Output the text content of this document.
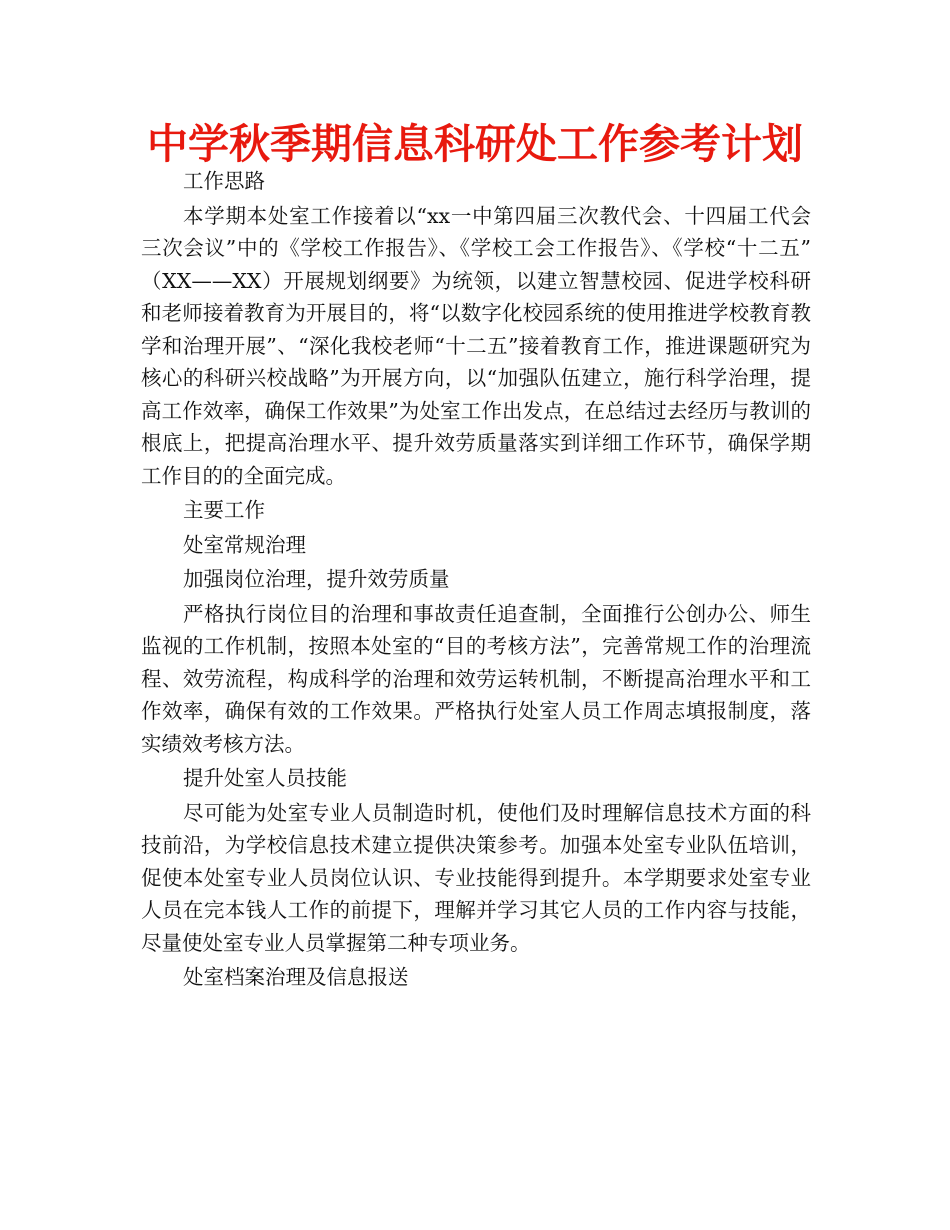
中学秋季期信息科研处工作参考计划

工作思路

本学期本处室工作接着以“xx一中第四届三次教代会、十四届工代会三次会议”中的《学校工作报告》、《学校工会工作报告》、《学校“十二五” （XX——XX）开展规划纲要》为统领，以建立智慧校园、促进学校科研和老师接着教育为开展目的，将“以数字化校园系统的使用推进学校教育教学和治理开展”、“深化我校老师“十二五”接着教育工作，推进课题研究为核心的科研兴校战略”为开展方向，以“加强队伍建立，施行科学治理，提高工作效率，确保工作效果”为处室工作出发点，在总结过去经历与教训的根底上，把提高治理水平、提升效劳质量落实到详细工作环节，确保学期工作目的的全面完成。

主要工作

处室常规治理

加强岗位治理，提升效劳质量

严格执行岗位目的治理和事故责任追查制，全面推行公创办公、师生监视的工作机制，按照本处室的“目的考核方法”，完善常规工作的治理流程、效劳流程，构成科学的治理和效劳运转机制，不断提高治理水平和工作效率，确保有效的工作效果。严格执行处室人员工作周志填报制度，落实绩效考核方法。

提升处室人员技能

尽可能为处室专业人员制造时机，使他们及时理解信息技术方面的科技前沿，为学校信息技术建立提供决策参考。加强本处室专业队伍培训，促使本处室专业人员岗位认识、专业技能得到提升。本学期要求处室专业人员在完本钱人工作的前提下，理解并学习其它人员的工作内容与技能，尽量使处室专业人员掌握第二种专项业务。

处室档案治理及信息报送
